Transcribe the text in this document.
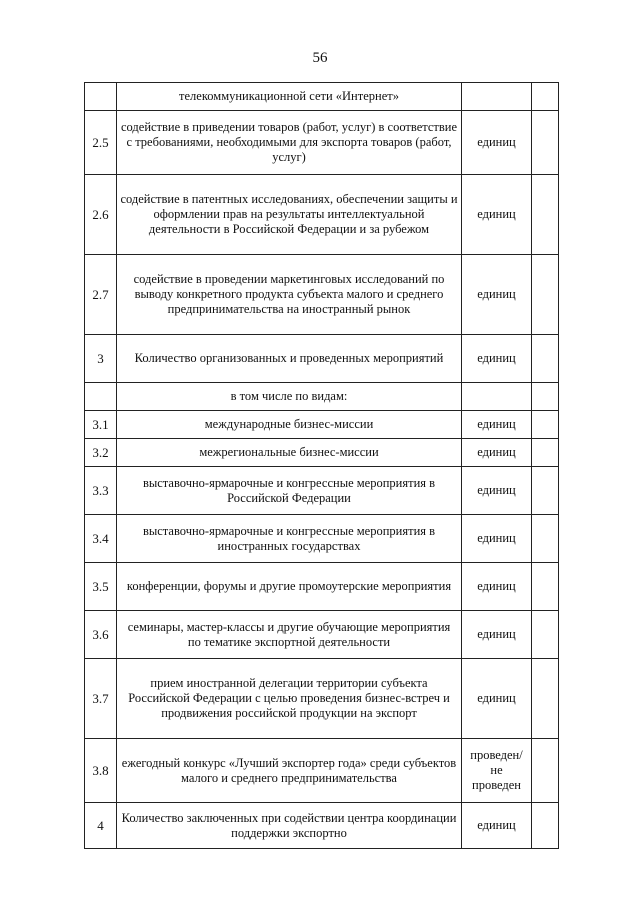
56
	телекоммуникационной сети «Интернет»		
2.5	содействие в приведении товаров (работ, услуг) в соответствие с требованиями, необходимыми для экспорта товаров (работ, услуг)	единиц	
2.6	содействие в патентных исследованиях, обеспечении защиты и оформлении прав на результаты интеллектуальной деятельности в Российской Федерации и за рубежом	единиц	
2.7	содействие в проведении маркетинговых исследований по выводу конкретного продукта субъекта малого и среднего предпринимательства на иностранный рынок	единиц	
3	Количество организованных и проведенных мероприятий	единиц	
	в том числе по видам:		
3.1	международные бизнес-миссии	единиц	
3.2	межрегиональные бизнес-миссии	единиц	
3.3	выставочно-ярмарочные и конгрессные мероприятия в Российской Федерации	единиц	
3.4	выставочно-ярмарочные и конгрессные мероприятия в иностранных государствах	единиц	
3.5	конференции, форумы и другие промоутерские мероприятия	единиц	
3.6	семинары, мастер-классы и другие обучающие мероприятия по тематике экспортной деятельности	единиц	
3.7	прием иностранной делегации территории субъекта Российской Федерации с целью проведения бизнес-встреч и продвижения российской продукции на экспорт	единиц	
3.8	ежегодный конкурс «Лучший экспортер года» среди субъектов малого и среднего предпринимательства	проведен/ не проведен	
4	Количество заключенных при содействии центра координации поддержки экспортно	единиц	
